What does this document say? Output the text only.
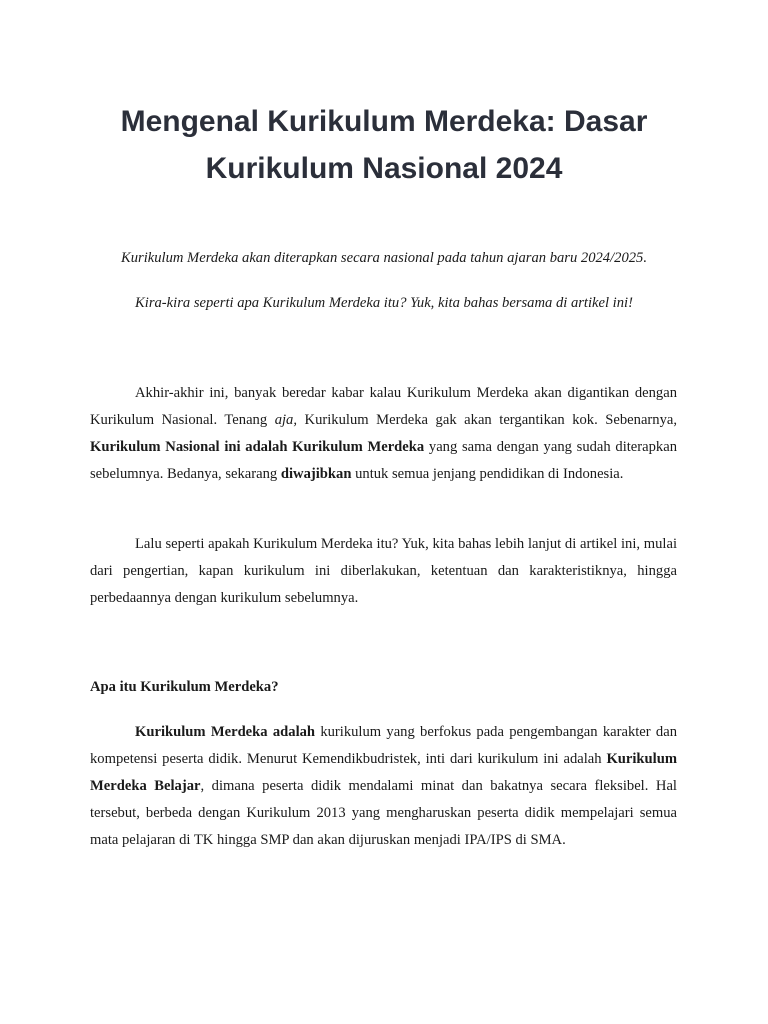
Mengenal Kurikulum Merdeka: Dasar
Kurikulum Nasional 2024

Kurikulum Merdeka akan diterapkan secara nasional pada tahun ajaran baru 2024/2025.

Kira-kira seperti apa Kurikulum Merdeka itu? Yuk, kita bahas bersama di artikel ini!

Akhir-akhir ini, banyak beredar kabar kalau Kurikulum Merdeka akan digantikan dengan Kurikulum Nasional. Tenang aja, Kurikulum Merdeka gak akan tergantikan kok. Sebenarnya, Kurikulum Nasional ini adalah Kurikulum Merdeka yang sama dengan yang sudah diterapkan sebelumnya. Bedanya, sekarang diwajibkan untuk semua jenjang pendidikan di Indonesia.

Lalu seperti apakah Kurikulum Merdeka itu? Yuk, kita bahas lebih lanjut di artikel ini, mulai dari pengertian, kapan kurikulum ini diberlakukan, ketentuan dan karakteristiknya, hingga perbedaannya dengan kurikulum sebelumnya.

Apa itu Kurikulum Merdeka?

Kurikulum Merdeka adalah kurikulum yang berfokus pada pengembangan karakter dan kompetensi peserta didik. Menurut Kemendikbudristek, inti dari kurikulum ini adalah Kurikulum Merdeka Belajar, dimana peserta didik mendalami minat dan bakatnya secara fleksibel. Hal tersebut, berbeda dengan Kurikulum 2013 yang mengharuskan peserta didik mempelajari semua mata pelajaran di TK hingga SMP dan akan dijuruskan menjadi IPA/IPS di SMA.
